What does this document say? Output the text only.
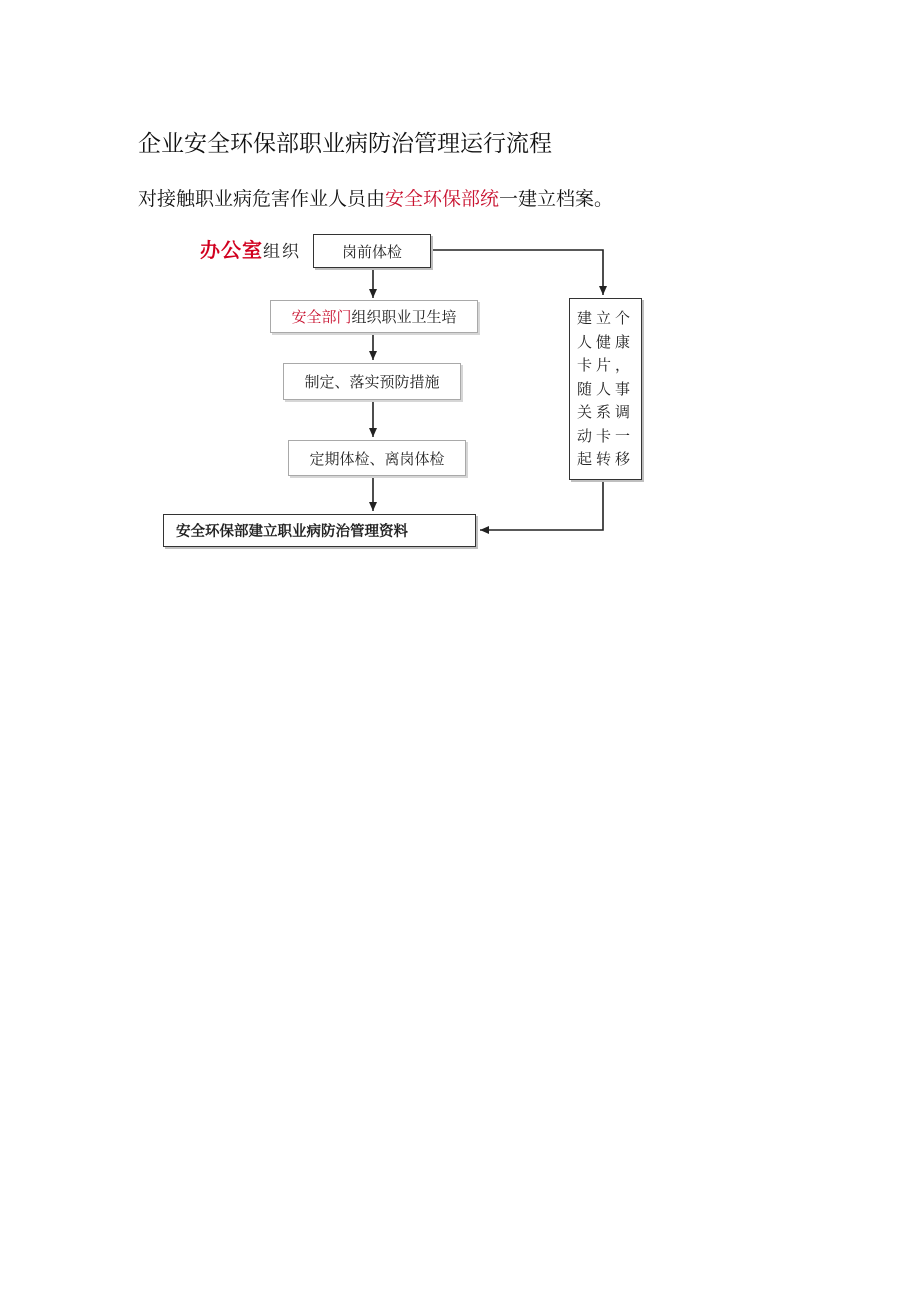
企业安全环保部职业病防治管理运行流程
对接触职业病危害作业人员由安全环保部统一建立档案。
办公室组织	岗前体检
安全部门 组织职业卫生培
制定、落实预防措施
定期体检、离岗体检
安全环保部建立职业病防治管理资料
建立个
人健康
卡片，
随人事
关系调
动卡一
起转移
